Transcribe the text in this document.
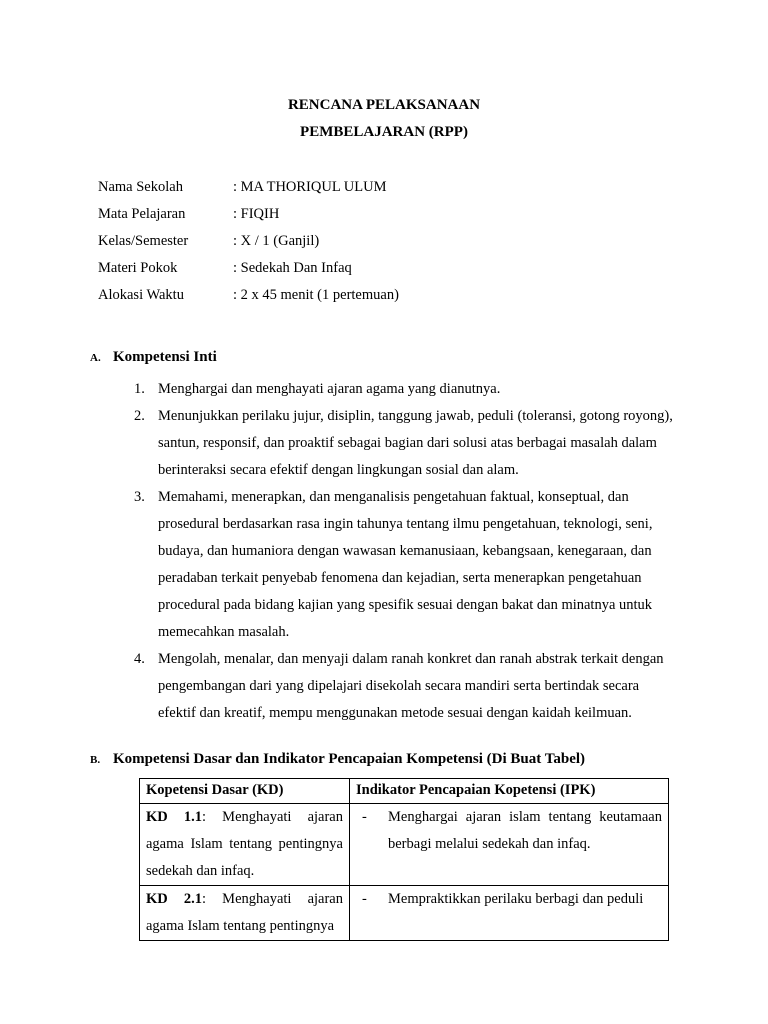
RENCANA PELAKSANAAN
PEMBELAJARAN (RPP)
Nama Sekolah	: MA THORIQUL ULUM
Mata Pelajaran	: FIQIH
Kelas/Semester	: X / 1 (Ganjil)
Materi Pokok	: Sedekah Dan Infaq
Alokasi Waktu	: 2 x 45 menit (1 pertemuan)
A. Kompetensi Inti
1. Menghargai dan menghayati ajaran agama yang dianutnya.
2. Menunjukkan perilaku jujur, disiplin, tanggung jawab, peduli (toleransi, gotong royong), santun, responsif, dan proaktif sebagai bagian dari solusi atas berbagai masalah dalam berinteraksi secara efektif dengan lingkungan sosial dan alam.
3. Memahami, menerapkan, dan menganalisis pengetahuan faktual, konseptual, dan prosedural berdasarkan rasa ingin tahunya tentang ilmu pengetahuan, teknologi, seni, budaya, dan humaniora dengan wawasan kemanusiaan, kebangsaan, kenegaraan, dan peradaban terkait penyebab fenomena dan kejadian, serta menerapkan pengetahuan procedural pada bidang kajian yang spesifik sesuai dengan bakat dan minatnya untuk memecahkan masalah.
4. Mengolah, menalar, dan menyaji dalam ranah konkret dan ranah abstrak terkait dengan pengembangan dari yang dipelajari disekolah secara mandiri serta bertindak secara efektif dan kreatif, mempu menggunakan metode sesuai dengan kaidah keilmuan.
B. Kompetensi Dasar dan Indikator Pencapaian Kompetensi (Di Buat Tabel)
Kopetensi Dasar (KD)	Indikator Pencapaian Kopetensi (IPK)
KD 1.1: Menghayati ajaran agama Islam tentang pentingnya sedekah dan infaq.	- Menghargai ajaran islam tentang keutamaan berbagi melalui sedekah dan infaq.

KD 2.1: Menghayati ajaran agama Islam tentang pentingnya	- Mempraktikkan perilaku berbagi dan peduli
